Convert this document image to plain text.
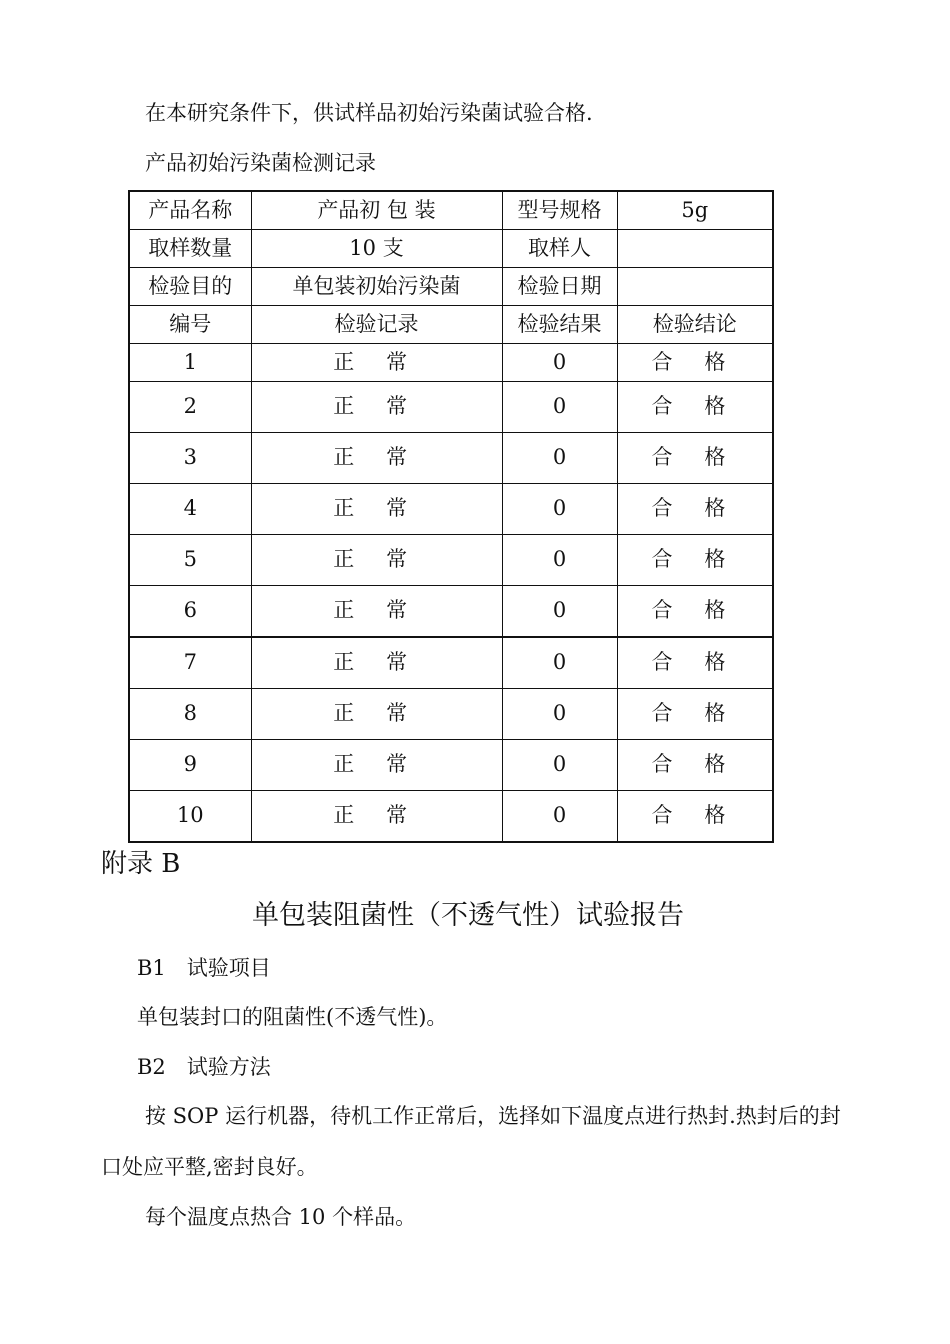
在本研究条件下，供试样品初始污染菌试验合格.
产品初始污染菌检测记录
产品名称	产品初 包 装	型号规格	5g
取样数量	10 支	取样人	
检验目的	单包装初始污染菌	检验日期	
编号	检验记录	检验结果	检验结论
1	正 常	0	合 格
2	正 常	0	合 格
3	正 常	0	合 格
4	正 常	0	合 格
5	正 常	0	合 格
6	正 常	0	合 格
7	正 常	0	合 格
8	正 常	0	合 格
9	正 常	0	合 格
10	正 常	0	合 格
附录 B
单包装阻菌性（不透气性）试验报告
B1　试验项目
单包装封口的阻菌性(不透气性)。
B2　试验方法
按 SOP 运行机器，待机工作正常后，选择如下温度点进行热封.热封后的封
口处应平整,密封良好。
每个温度点热合 10 个样品。
